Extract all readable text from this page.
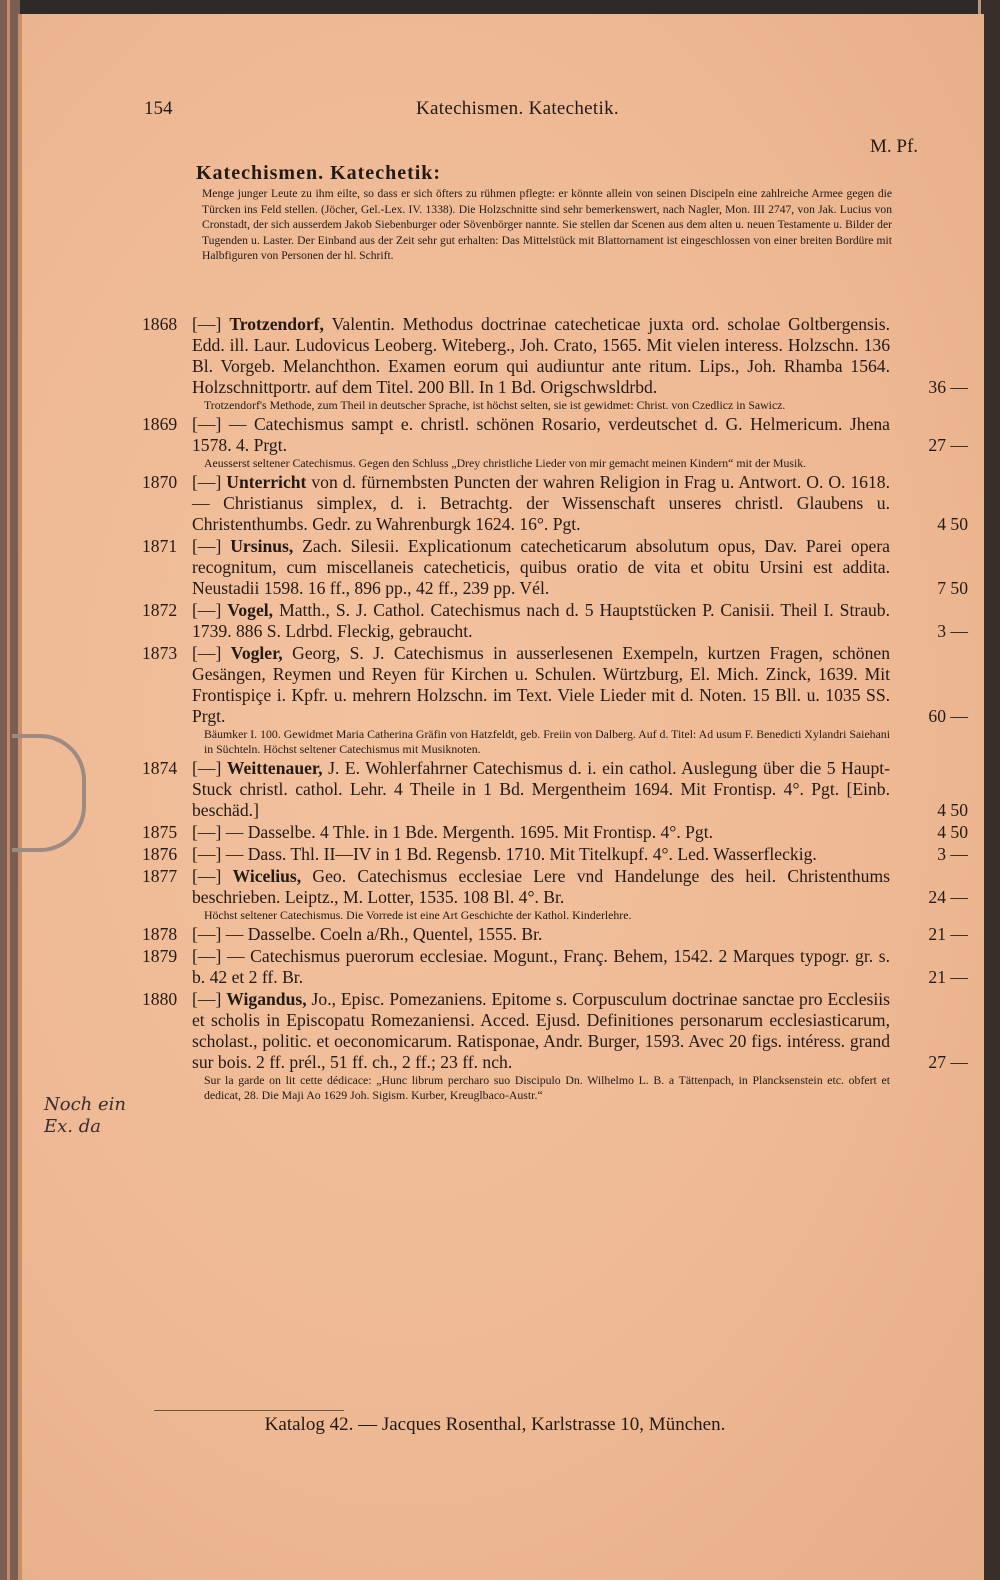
154	Katechismen. Katechetik.
M. Pf.
Katechismen. Katechetik:
Menge junger Leute zu ihm eilte, so dass er sich öfters zu rühmen pflegte: er könnte allein von seinen Discipeln eine zahlreiche Armee gegen die Türcken ins Feld stellen. (Jöcher, Gel.-Lex. IV. 1338). Die Holzschnitte sind sehr bemerkenswert, nach Nagler, Mon. III 2747, von Jak. Lucius von Cronstadt, der sich ausserdem Jakob Siebenburger oder Sövenbörger nannte. Sie stellen dar Scenen aus dem alten u. neuen Testamente u. Bilder der Tugenden u. Laster. Der Einband aus der Zeit sehr gut erhalten: Das Mittelstück mit Blattornament ist eingeschlossen von einer breiten Bordüre mit Halbfiguren von Personen der hl. Schrift.
1868 [—] Trotzendorf, Valentin. Methodus doctrinae catecheticae juxta ord. scholae Goltbergensis. Edd. ill. Laur. Ludovicus Leoberg. Witeberg., Joh. Crato, 1565. Mit vielen interess. Holzschn. 136 Bl. Vorgeb. Melanchthon. Examen eorum qui audiuntur ante ritum. Lips., Joh. Rhamba 1564. Holzschnittportr. auf dem Titel. 200 Bll. In 1 Bd. Origschwsldrbd.	36 —
Trotzendorf's Methode, zum Theil in deutscher Sprache, ist höchst selten, sie ist gewidmet: Christ. von Czedlicz in Sawicz.
1869 [—] — Catechismus sampt e. christl. schönen Rosario, verdeutschet d. G. Helmericum. Jhena 1578. 4. Prgt.	27 —
Aeusserst seltener Catechismus. Gegen den Schluss „Drey christliche Lieder von mir gemacht meinen Kindern“ mit der Musik.
1870 [—] Unterricht von d. fürnembsten Puncten der wahren Religion in Frag u. Antwort. O. O. 1618. — Christianus simplex, d. i. Betrachtg. der Wissenschaft unseres christl. Glaubens u. Christenthumbs. Gedr. zu Wahrenburgk 1624. 16°. Pgt.	4 50
1871 [—] Ursinus, Zach. Silesii. Explicationum catecheticarum absolutum opus, Dav. Parei opera recognitum, cum miscellaneis catecheticis, quibus oratio de vita et obitu Ursini est addita. Neustadii 1598. 16 ff., 896 pp., 42 ff., 239 pp. Vél.	7 50
1872 [—] Vogel, Matth., S. J. Cathol. Catechismus nach d. 5 Hauptstücken P. Canisii. Theil I. Straub. 1739. 886 S. Ldrbd. Fleckig, gebraucht.	3 —
1873 [—] Vogler, Georg, S. J. Catechismus in ausserlesenen Exempeln, kurtzen Fragen, schönen Gesängen, Reymen und Reyen für Kirchen u. Schulen. Würtzburg, El. Mich. Zinck, 1639. Mit Frontispiçe i. Kpfr. u. mehrern Holzschn. im Text. Viele Lieder mit d. Noten. 15 Bll. u. 1035 SS. Prgt.	60 —
Bäumker I. 100. Gewidmet Maria Catherina Gräfin von Hatzfeldt, geb. Freiin von Dalberg. Auf d. Titel: Ad usum F. Benedicti Xylandri Saiehani in Süchteln. Höchst seltener Catechismus mit Musiknoten.
1874 [—] Weittenauer, J. E. Wohlerfahrner Catechismus d. i. ein cathol. Auslegung über die 5 Haupt-Stuck christl. cathol. Lehr. 4 Theile in 1 Bd. Mergentheim 1694. Mit Frontisp. 4°. Pgt. [Einb. beschäd.]	4 50
1875 [—] — Dasselbe. 4 Thle. in 1 Bde. Mergenth. 1695. Mit Frontisp. 4°. Pgt.	4 50
1876 [—] — Dass. Thl. II—IV in 1 Bd. Regensb. 1710. Mit Titelkupf. 4°. Led. Wasserfleckig.	3 —
1877 [—] Wicelius, Geo. Catechismus ecclesiae Lere vnd Handelunge des heil. Christenthums beschrieben. Leiptz., M. Lotter, 1535. 108 Bl. 4°. Br.	24 —
Höchst seltener Catechismus. Die Vorrede ist eine Art Geschichte der Kathol. Kinderlehre.
1878 [—] — Dasselbe. Coeln a/Rh., Quentel, 1555. Br.	21 —
1879 [—] — Catechismus puerorum ecclesiae. Mogunt., Franç. Behem, 1542. 2 Marques typogr. gr. s. b. 42 et 2 ff. Br.	21 —
1880 [—] Wigandus, Jo., Episc. Pomezaniens. Epitome s. Corpusculum doctrinae sanctae pro Ecclesiis et scholis in Episcopatu Romezaniensi. Acced. Ejusd. Definitiones personarum ecclesiasticarum, scholast., politic. et oeconomicarum. Ratisponae, Andr. Burger, 1593. Avec 20 figs. intéress. grand sur bois. 2 ff. prél., 51 ff. ch., 2 ff.; 23 ff. nch.	27 —
Sur la garde on lit cette dédicace: „Hunc librum percharo suo Discipulo Dn. Wilhelmo L. B. a Tättenpach, in Plancksenstein etc. obfert et dedicat, 28. Die Maji Ao 1629 Joh. Sigism. Kurber, Kreuglbaco-Austr.“
Noch ein Ex. da
Katalog 42. — Jacques Rosenthal, Karlstrasse 10, München.
